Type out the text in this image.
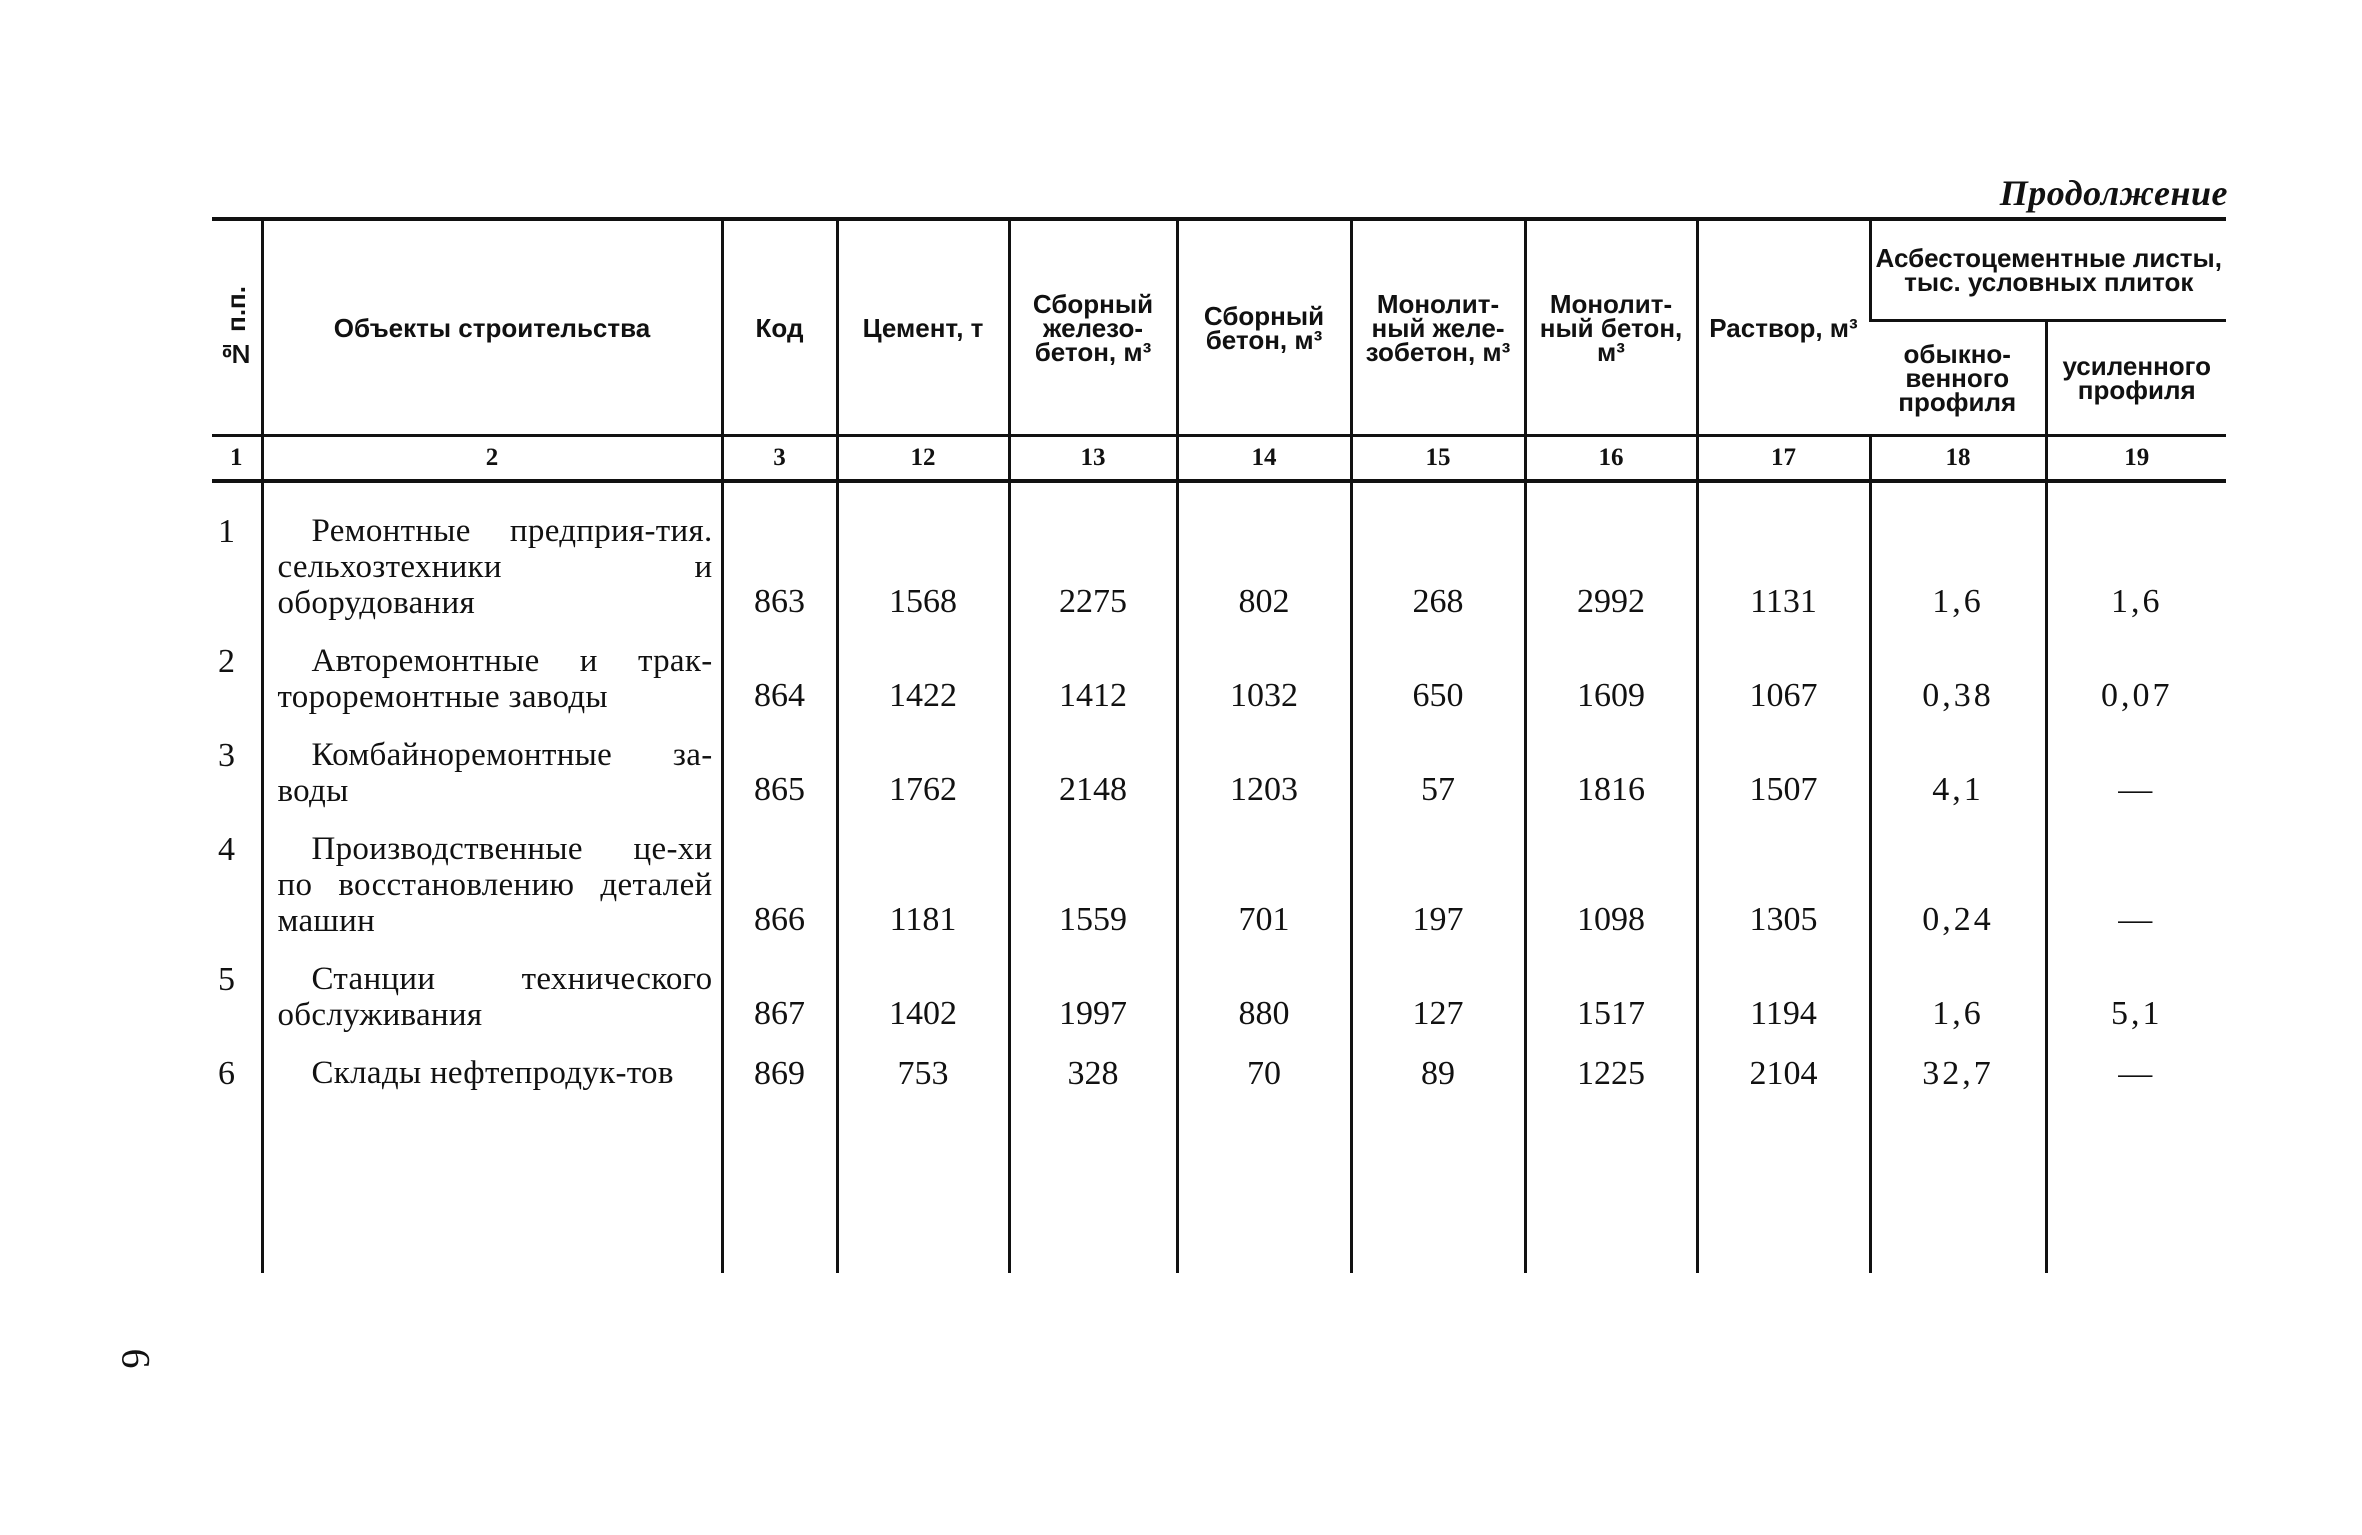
Продолжение
№ п.п.	Объекты строительства	Код	Цемент, т	Сборный железо-бетон, м³	Сборный бетон, м³	Монолит-ный желе-зобетон, м³	Монолит-ный бетон, м³	Раствор, м³	Асбестоцементные листы, тыс. условных плиток	
									обыкно-венного профиля	усиленного профиля
1	2	3	12	13	14	15	16	17	18	19
1	Ремонтные предприя-тия. сельхозтехники и оборудования	863	1568	2275	802	268	2992	1131	1,6	1,6
2	Авторемонтные и трак-тороремонтные заводы	864	1422	1412	1032	650	1609	1067	0,38	0,07
3	Комбайноремонтные за-воды	865	1762	2148	1203	57	1816	1507	4,1	—
4	Производственные це-хи по восстановлению деталей машин	866	1181	1559	701	197	1098	1305	0,24	—
5	Станции технического обслуживания	867	1402	1997	880	127	1517	1194	1,6	5,1
6	Склады нефтепродук-тов	869	753	328	70	89	1225	2104	32,7	—

6
